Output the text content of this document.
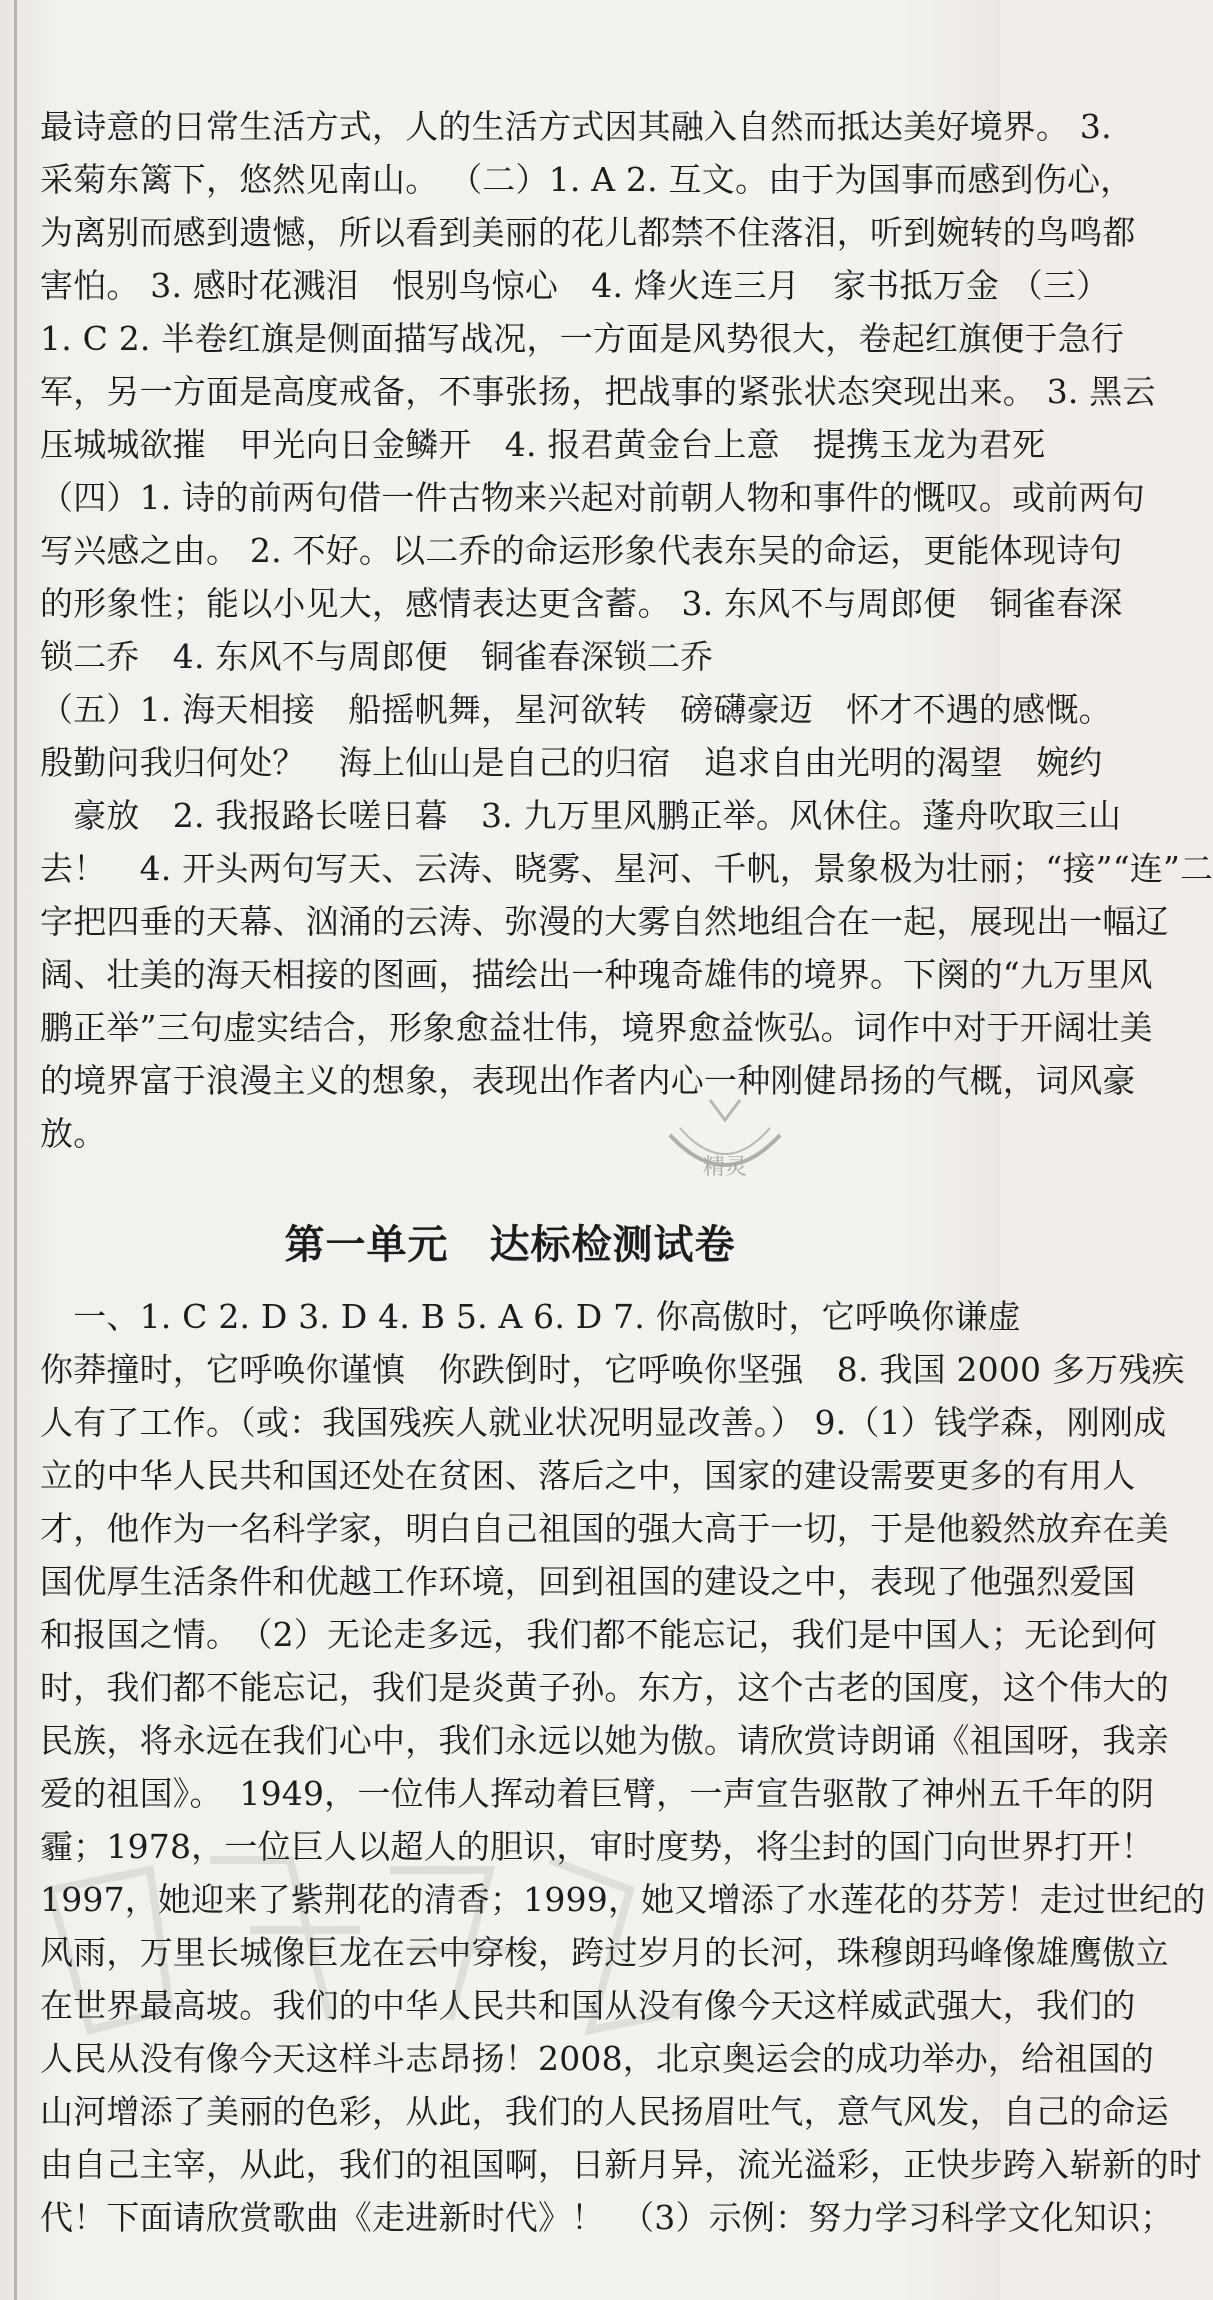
最诗意的日常生活方式，人的生活方式因其融入自然而抵达美好境界。 3.
采菊东篱下，悠然见南山。 （二）1. A 2. 互文。由于为国事而感到伤心，
为离别而感到遗憾，所以看到美丽的花儿都禁不住落泪，听到婉转的鸟鸣都
害怕。 3. 感时花溅泪　恨别鸟惊心　4. 烽火连三月　家书抵万金 （三）
1. C 2. 半卷红旗是侧面描写战况，一方面是风势很大，卷起红旗便于急行
军，另一方面是高度戒备，不事张扬，把战事的紧张状态突现出来。 3. 黑云
压城城欲摧　甲光向日金鳞开　4. 报君黄金台上意　提携玉龙为君死
（四）1. 诗的前两句借一件古物来兴起对前朝人物和事件的慨叹。或前两句
写兴感之由。 2. 不好。以二乔的命运形象代表东吴的命运，更能体现诗句
的形象性；能以小见大，感情表达更含蓄。 3. 东风不与周郎便　铜雀春深
锁二乔　4. 东风不与周郎便　铜雀春深锁二乔
（五）1. 海天相接　船摇帆舞，星河欲转　磅礴豪迈　怀才不遇的感慨。
殷勤问我归何处？　海上仙山是自己的归宿　追求自由光明的渴望　婉约
　豪放　2. 我报路长嗟日暮　3. 九万里风鹏正举。风休住。蓬舟吹取三山
去！　4. 开头两句写天、云涛、晓雾、星河、千帆，景象极为壮丽；“接”“连”二
字把四垂的天幕、汹涌的云涛、弥漫的大雾自然地组合在一起，展现出一幅辽
阔、壮美的海天相接的图画，描绘出一种瑰奇雄伟的境界。下阕的“九万里风
鹏正举”三句虚实结合，形象愈益壮伟，境界愈益恢弘。词作中对于开阔壮美
的境界富于浪漫主义的想象，表现出作者内心一种刚健昂扬的气概，词风豪
放。
第一单元　达标检测试卷
　一、1. C 2. D 3. D 4. B 5. A 6. D 7. 你高傲时，它呼唤你谦虚
你莽撞时，它呼唤你谨慎　你跌倒时，它呼唤你坚强　8. 我国 2000 多万残疾
人有了工作。（或：我国残疾人就业状况明显改善。） 9.（1）钱学森，刚刚成
立的中华人民共和国还处在贫困、落后之中，国家的建设需要更多的有用人
才，他作为一名科学家，明白自己祖国的强大高于一切，于是他毅然放弃在美
国优厚生活条件和优越工作环境，回到祖国的建设之中，表现了他强烈爱国
和报国之情。　（2）无论走多远，我们都不能忘记，我们是中国人；无论到何
时，我们都不能忘记，我们是炎黄子孙。东方，这个古老的国度，这个伟大的
民族，将永远在我们心中，我们永远以她为傲。请欣赏诗朗诵《祖国呀，我亲
爱的祖国》。　1949，一位伟人挥动着巨臂，一声宣告驱散了神州五千年的阴
霾；1978，一位巨人以超人的胆识，审时度势，将尘封的国门向世界打开！
1997，她迎来了紫荆花的清香；1999，她又增添了水莲花的芬芳！走过世纪的
风雨，万里长城像巨龙在云中穿梭，跨过岁月的长河，珠穆朗玛峰像雄鹰傲立
在世界最高坡。我们的中华人民共和国从没有像今天这样威武强大，我们的
人民从没有像今天这样斗志昂扬！2008，北京奥运会的成功举办，给祖国的
山河增添了美丽的色彩，从此，我们的人民扬眉吐气，意气风发，自己的命运
由自己主宰，从此，我们的祖国啊，日新月异，流光溢彩，正快步跨入崭新的时
代！下面请欣赏歌曲《走进新时代》！　（3）示例：努力学习科学文化知识；
精灵
